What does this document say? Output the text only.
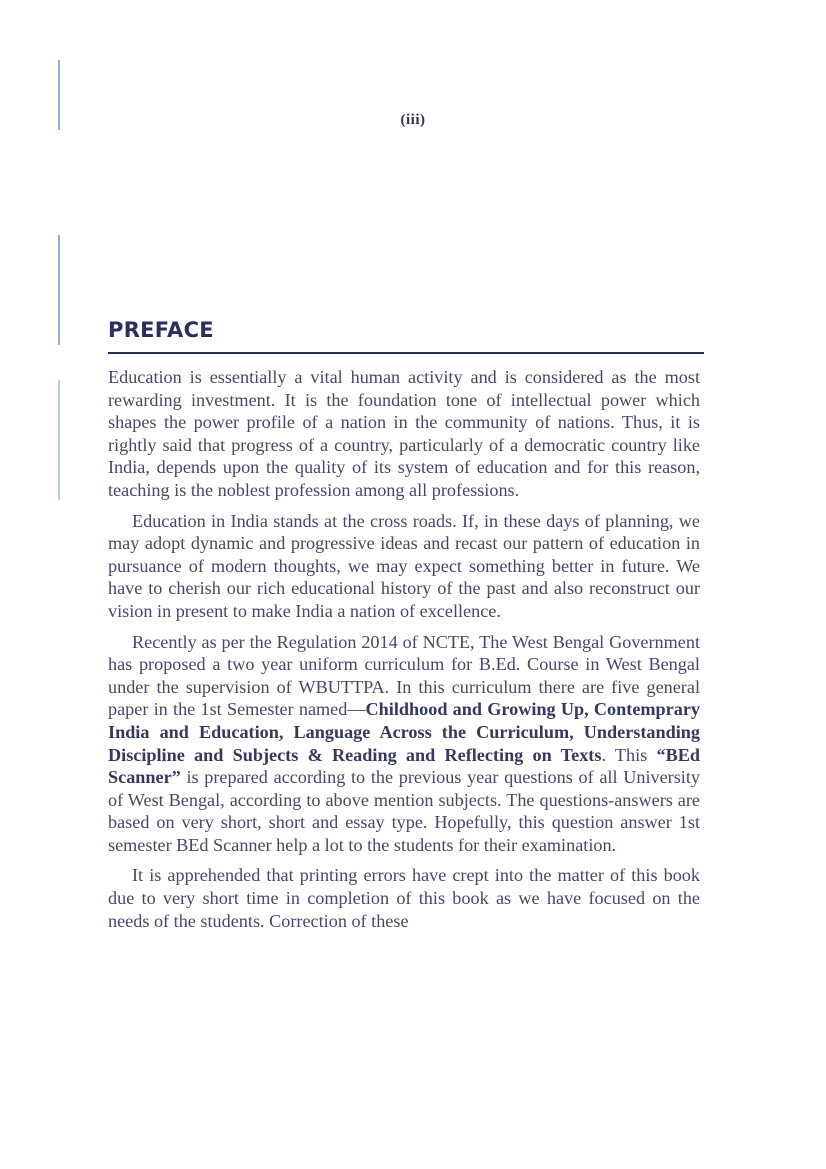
(iii)
PREFACE

Education is essentially a vital human activity and is considered as the most rewarding investment. It is the foundation tone of intellectual power which shapes the power profile of a nation in the community of nations. Thus, it is rightly said that progress of a country, particularly of a democratic country like India, depends upon the quality of its system of education and for this reason, teaching is the noblest profession among all professions.

Education in India stands at the cross roads. If, in these days of planning, we may adopt dynamic and progressive ideas and recast our pattern of education in pursuance of modern thoughts, we may expect something better in future. We have to cherish our rich educational history of the past and also reconstruct our vision in present to make India a nation of excellence.

Recently as per the Regulation 2014 of NCTE, The West Bengal Government has proposed a two year uniform curriculum for B.Ed. Course in West Bengal under the supervision of WBUTTPA. In this curriculum there are five general paper in the 1st Semester named—Childhood and Growing Up, Contemprary India and Education, Language Across the Curriculum, Understanding Discipline and Subjects & Reading and Reflecting on Texts. This “BEd Scanner” is prepared according to the previous year questions of all University of West Bengal, according to above mention subjects. The questions-answers are based on very short, short and essay type. Hopefully, this question answer 1st semester BEd Scanner help a lot to the students for their examination.

It is apprehended that printing errors have crept into the matter of this book due to very short time in completion of this book as we have focused on the needs of the students. Correction of these
